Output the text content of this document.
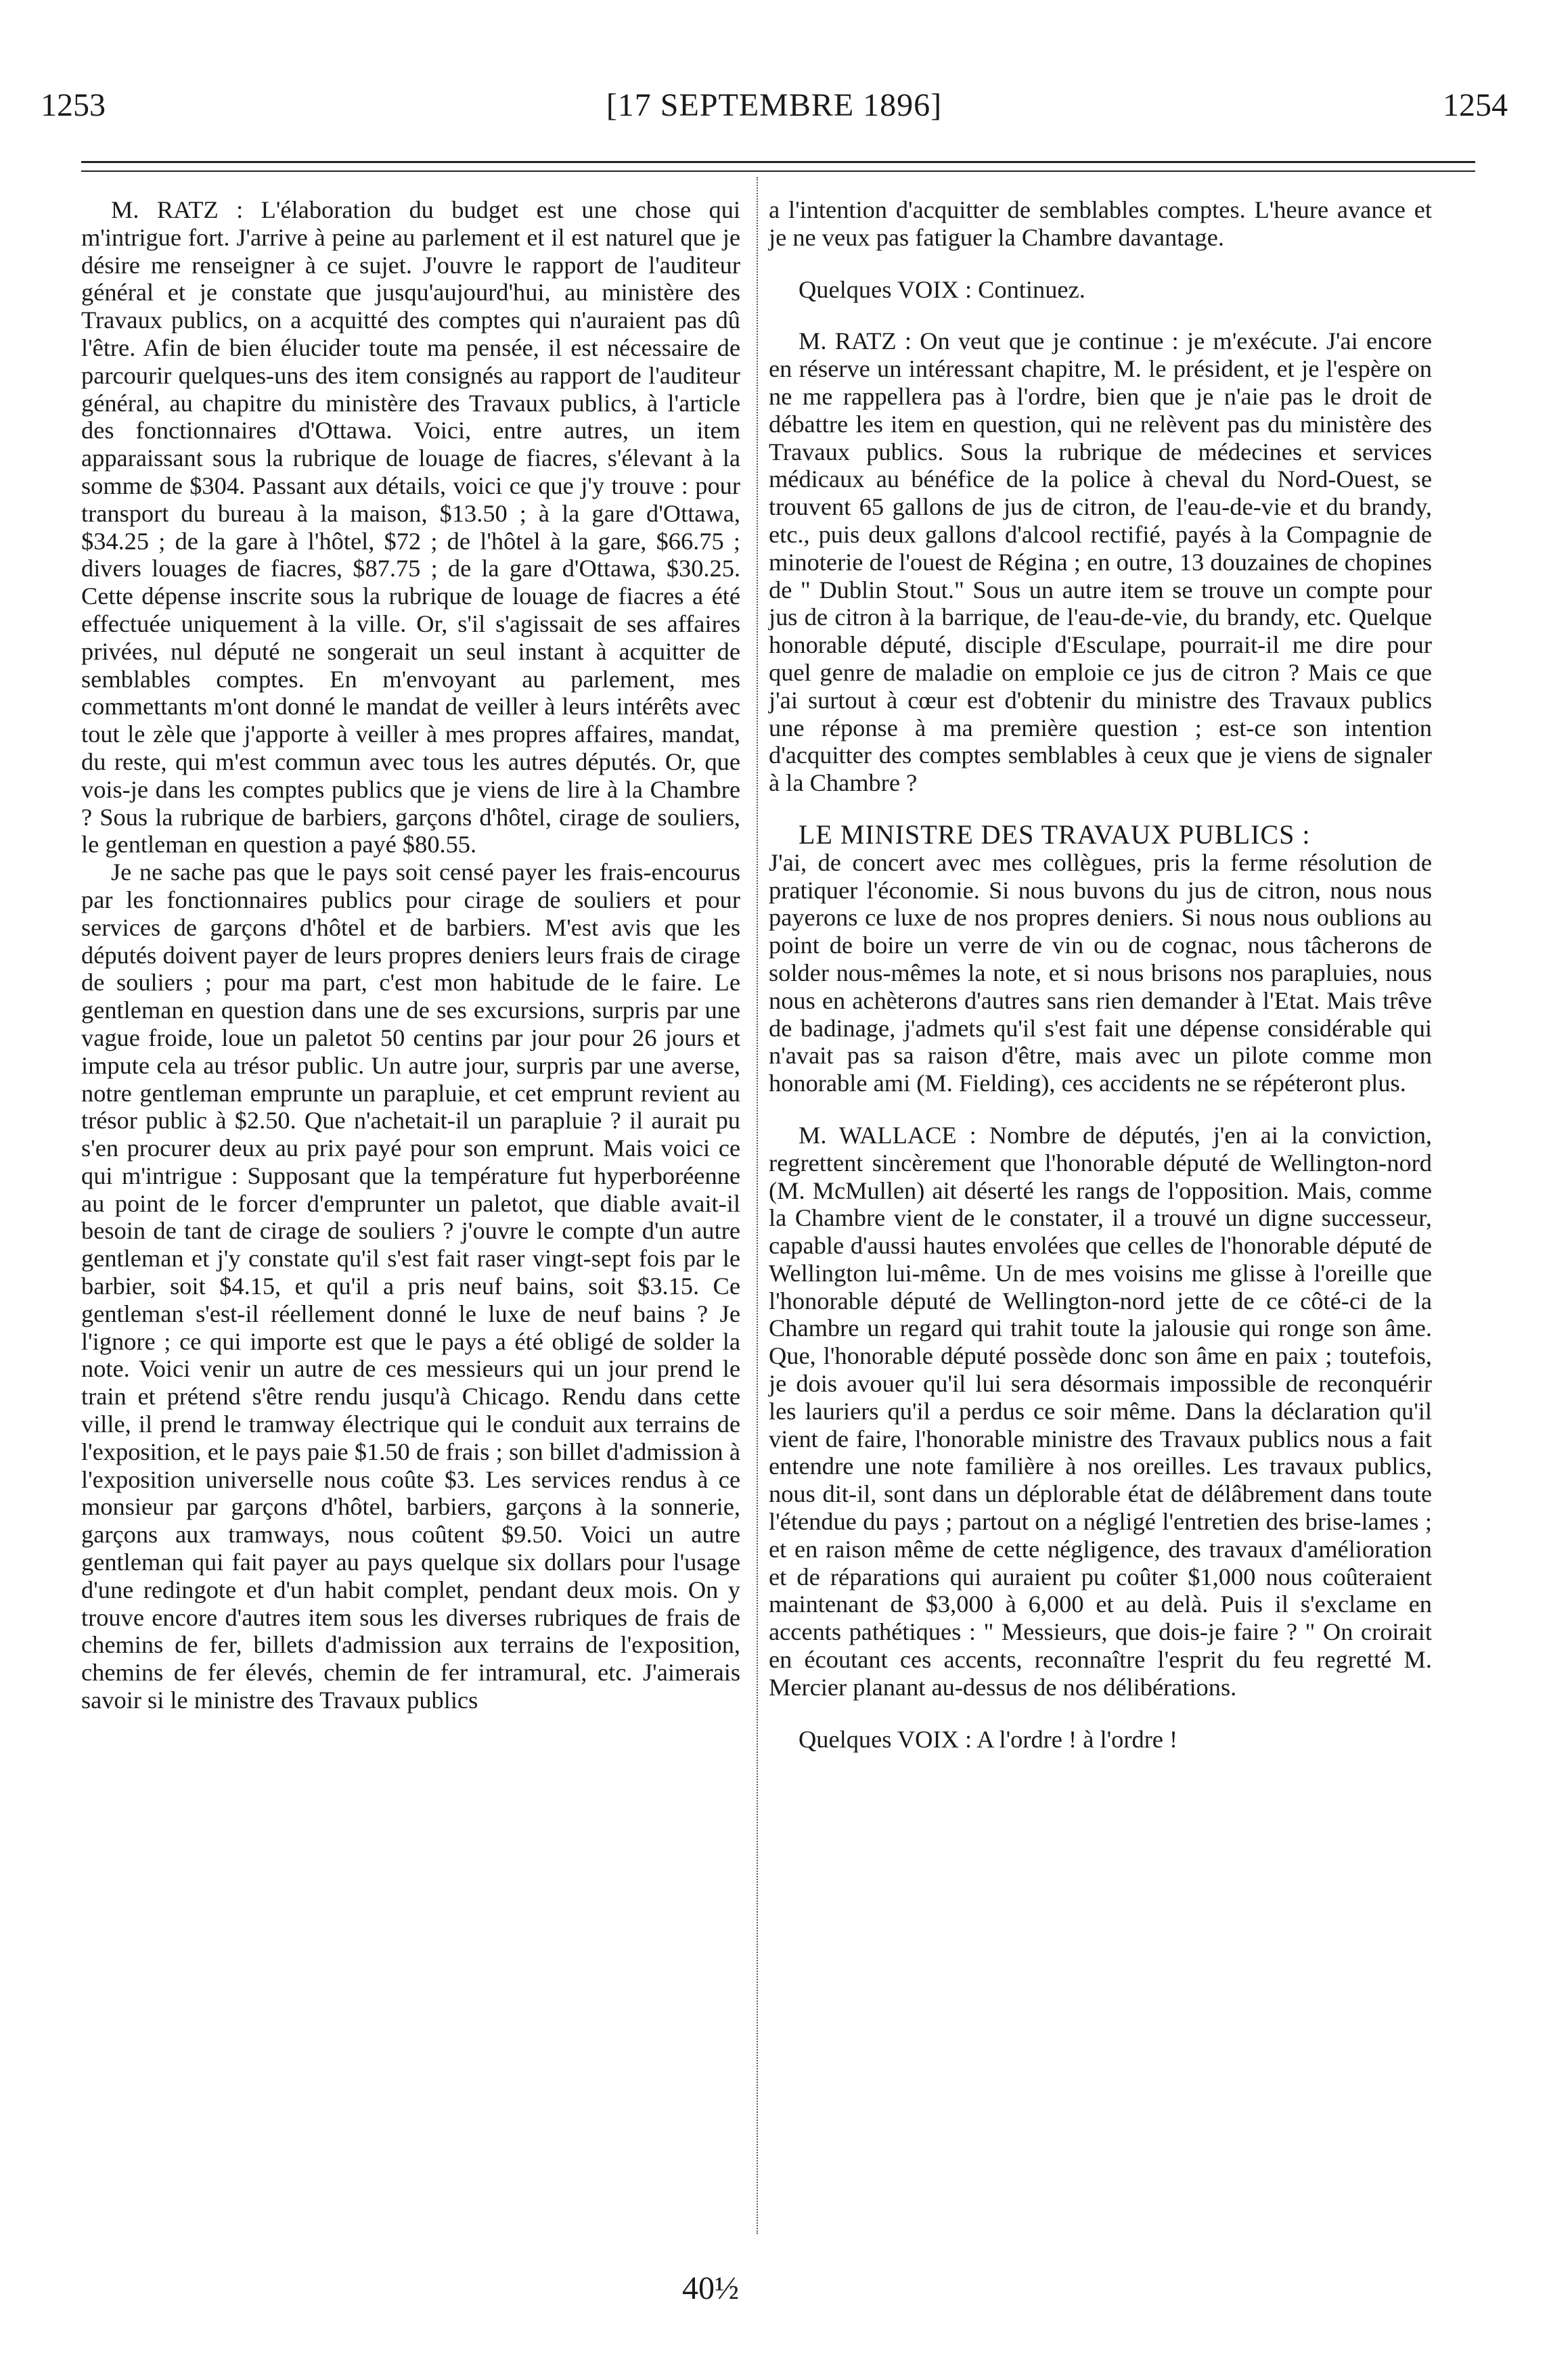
1253	[17 SEPTEMBRE 1896]	1254

M. RATZ : L'élaboration du budget est une chose qui m'intrigue fort. J'arrive à peine au parlement et il est naturel que je désire me renseigner à ce sujet. J'ouvre le rapport de l'auditeur général et je constate que jusqu'aujourd'hui, au ministère des Travaux publics, on a acquitté des comptes qui n'auraient pas dû l'être. Afin de bien élucider toute ma pensée, il est nécessaire de parcourir quelques-uns des item consignés au rapport de l'auditeur général, au chapitre du ministère des Travaux publics, à l'article des fonctionnaires d'Ottawa. Voici, entre autres, un item apparaissant sous la rubrique de louage de fiacres, s'élevant à la somme de $304. Passant aux détails, voici ce que j'y trouve : pour transport du bureau à la maison, $13.50 ; à la gare d'Ottawa, $34.25 ; de la gare à l'hôtel, $72 ; de l'hôtel à la gare, $66.75 ; divers louages de fiacres, $87.75 ; de la gare d'Ottawa, $30.25. Cette dépense inscrite sous la rubrique de louage de fiacres a été effectuée uniquement à la ville. Or, s'il s'agissait de ses affaires privées, nul député ne songerait un seul instant à acquitter de semblables comptes. En m'envoyant au parlement, mes commettants m'ont donné le mandat de veiller à leurs intérêts avec tout le zèle que j'apporte à veiller à mes propres affaires, mandat, du reste, qui m'est commun avec tous les autres députés. Or, que vois-je dans les comptes publics que je viens de lire à la Chambre ? Sous la rubrique de barbiers, garçons d'hôtel, cirage de souliers, le gentleman en question a payé $80.55.

Je ne sache pas que le pays soit censé payer les frais-encourus par les fonctionnaires publics pour cirage de souliers et pour services de garçons d'hôtel et de barbiers. M'est avis que les députés doivent payer de leurs propres deniers leurs frais de cirage de souliers ; pour ma part, c'est mon habitude de le faire. Le gentleman en question dans une de ses excursions, surpris par une vague froide, loue un paletot 50 centins par jour pour 26 jours et impute cela au trésor public. Un autre jour, surpris par une averse, notre gentleman emprunte un parapluie, et cet emprunt revient au trésor public à $2.50. Que n'achetait-il un parapluie ? il aurait pu s'en procurer deux au prix payé pour son emprunt. Mais voici ce qui m'intrigue : Supposant que la température fut hyperboréenne au point de le forcer d'emprunter un paletot, que diable avait-il besoin de tant de cirage de souliers ? j'ouvre le compte d'un autre gentleman et j'y constate qu'il s'est fait raser vingt-sept fois par le barbier, soit $4.15, et qu'il a pris neuf bains, soit $3.15. Ce gentleman s'est-il réellement donné le luxe de neuf bains ? Je l'ignore ; ce qui importe est que le pays a été obligé de solder la note. Voici venir un autre de ces messieurs qui un jour prend le train et prétend s'être rendu jusqu'à Chicago. Rendu dans cette ville, il prend le tramway électrique qui le conduit aux terrains de l'exposition, et le pays paie $1.50 de frais ; son billet d'admission à l'exposition universelle nous coûte $3. Les services rendus à ce monsieur par garçons d'hôtel, barbiers, garçons à la sonnerie, garçons aux tramways, nous coûtent $9.50. Voici un autre gentleman qui fait payer au pays quelque six dollars pour l'usage d'une redingote et d'un habit complet, pendant deux mois. On y trouve encore d'autres item sous les diverses rubriques de frais de chemins de fer, billets d'admission aux terrains de l'exposition, chemins de fer élevés, chemin de fer intramural, etc. J'aimerais savoir si le ministre des Travaux publics

a l'intention d'acquitter de semblables comptes. L'heure avance et je ne veux pas fatiguer la Chambre davantage.

Quelques VOIX : Continuez.

M. RATZ : On veut que je continue : je m'exécute. J'ai encore en réserve un intéressant chapitre, M. le président, et je l'espère on ne me rappellera pas à l'ordre, bien que je n'aie pas le droit de débattre les item en question, qui ne relèvent pas du ministère des Travaux publics. Sous la rubrique de médecines et services médicaux au bénéfice de la police à cheval du Nord-Ouest, se trouvent 65 gallons de jus de citron, de l'eau-de-vie et du brandy, etc., puis deux gallons d'alcool rectifié, payés à la Compagnie de minoterie de l'ouest de Régina ; en outre, 13 douzaines de chopines de " Dublin Stout." Sous un autre item se trouve un compte pour jus de citron à la barrique, de l'eau-de-vie, du brandy, etc. Quelque honorable député, disciple d'Esculape, pourrait-il me dire pour quel genre de maladie on emploie ce jus de citron ? Mais ce que j'ai surtout à cœur est d'obtenir du ministre des Travaux publics une réponse à ma première question ; est-ce son intention d'acquitter des comptes semblables à ceux que je viens de signaler à la Chambre ?

LE MINISTRE DES TRAVAUX PUBLICS :

J'ai, de concert avec mes collègues, pris la ferme résolution de pratiquer l'économie. Si nous buvons du jus de citron, nous nous payerons ce luxe de nos propres deniers. Si nous nous oublions au point de boire un verre de vin ou de cognac, nous tâcherons de solder nous-mêmes la note, et si nous brisons nos parapluies, nous nous en achèterons d'autres sans rien demander à l'Etat. Mais trêve de badinage, j'admets qu'il s'est fait une dépense considérable qui n'avait pas sa raison d'être, mais avec un pilote comme mon honorable ami (M. Fielding), ces accidents ne se répéteront plus.

M. WALLACE : Nombre de députés, j'en ai la conviction, regrettent sincèrement que l'honorable député de Wellington-nord (M. McMullen) ait déserté les rangs de l'opposition. Mais, comme la Chambre vient de le constater, il a trouvé un digne successeur, capable d'aussi hautes envolées que celles de l'honorable député de Wellington lui-même. Un de mes voisins me glisse à l'oreille que l'honorable député de Wellington-nord jette de ce côté-ci de la Chambre un regard qui trahit toute la jalousie qui ronge son âme. Que, l'honorable député possède donc son âme en paix ; toutefois, je dois avouer qu'il lui sera désormais impossible de reconquérir les lauriers qu'il a perdus ce soir même. Dans la déclaration qu'il vient de faire, l'honorable ministre des Travaux publics nous a fait entendre une note familière à nos oreilles. Les travaux publics, nous dit-il, sont dans un déplorable état de délâbrement dans toute l'étendue du pays ; partout on a négligé l'entretien des brise-lames ; et en raison même de cette négligence, des travaux d'amélioration et de réparations qui auraient pu coûter $1,000 nous coûteraient maintenant de $3,000 à 6,000 et au delà. Puis il s'exclame en accents pathétiques : " Messieurs, que dois-je faire ? " On croirait en écoutant ces accents, reconnaître l'esprit du feu regretté M. Mercier planant au-dessus de nos délibérations.

Quelques VOIX : A l'ordre ! à l'ordre !

40½
